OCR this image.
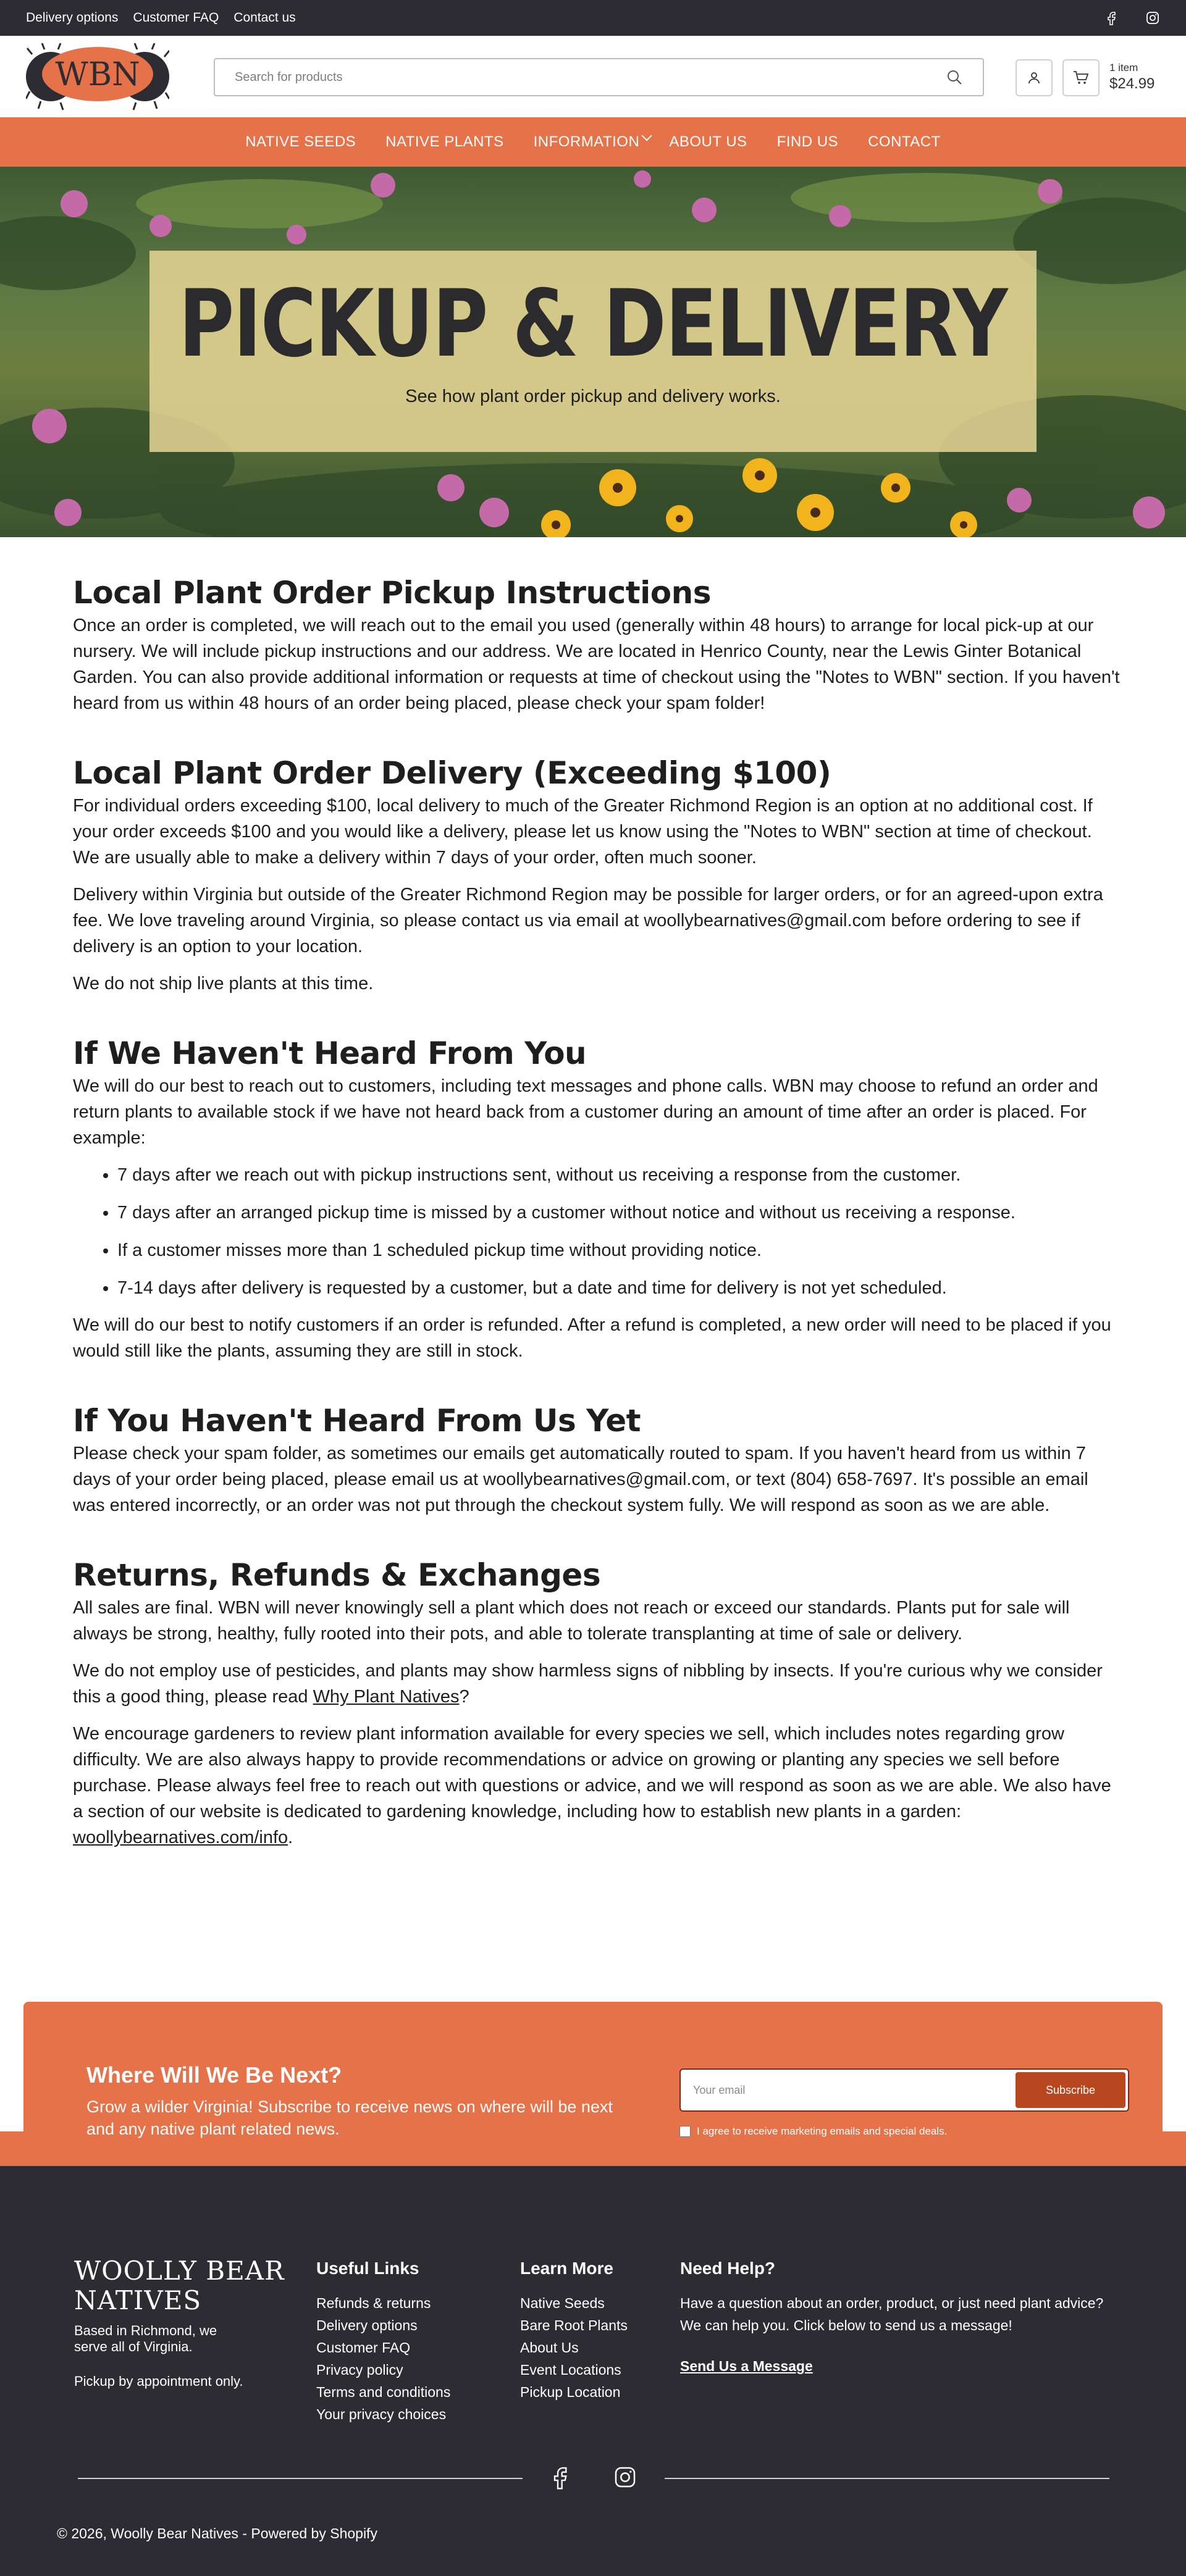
Delivery options Customer FAQ Contact us
WBN
Search for products	1 item
$24.99
NATIVE SEEDS	NATIVE PLANTS	INFORMATION	ABOUT US	FIND US	CONTACT
PICKUP & DELIVERY
See how plant order pickup and delivery works.
Local Plant Order Pickup Instructions

Once an order is completed, we will reach out to the email you used (generally within 48 hours) to arrange for local pick-up at our nursery. We will include pickup instructions and our address. We are located in Henrico County, near the Lewis Ginter Botanical Garden. You can also provide additional information or requests at time of checkout using the "Notes to WBN" section. If you haven't heard from us within 48 hours of an order being placed, please check your spam folder!

Local Plant Order Delivery (Exceeding $100)

For individual orders exceeding $100, local delivery to much of the Greater Richmond Region is an option at no additional cost. If your order exceeds $100 and you would like a delivery, please let us know using the "Notes to WBN" section at time of checkout. We are usually able to make a delivery within 7 days of your order, often much sooner.

Delivery within Virginia but outside of the Greater Richmond Region may be possible for larger orders, or for an agreed-upon extra fee. We love traveling around Virginia, so please contact us via email at woollybearnatives@gmail.com before ordering to see if delivery is an option to your location.

We do not ship live plants at this time.

If We Haven't Heard From You

We will do our best to reach out to customers, including text messages and phone calls. WBN may choose to refund an order and return plants to available stock if we have not heard back from a customer during an amount of time after an order is placed. For example:

• 7 days after we reach out with pickup instructions sent, without us receiving a response from the customer.
• 7 days after an arranged pickup time is missed by a customer without notice and without us receiving a response.
• If a customer misses more than 1 scheduled pickup time without providing notice.
• 7-14 days after delivery is requested by a customer, but a date and time for delivery is not yet scheduled.

We will do our best to notify customers if an order is refunded. After a refund is completed, a new order will need to be placed if you would still like the plants, assuming they are still in stock.

If You Haven't Heard From Us Yet

Please check your spam folder, as sometimes our emails get automatically routed to spam. If you haven't heard from us within 7 days of your order being placed, please email us at woollybearnatives@gmail.com, or text (804) 658-7697. It's possible an email was entered incorrectly, or an order was not put through the checkout system fully. We will respond as soon as we are able.

Returns, Refunds & Exchanges

All sales are final. WBN will never knowingly sell a plant which does not reach or exceed our standards. Plants put for sale will always be strong, healthy, fully rooted into their pots, and able to tolerate transplanting at time of sale or delivery.

We do not employ use of pesticides, and plants may show harmless signs of nibbling by insects. If you're curious why we consider this a good thing, please read Why Plant Natives?

We encourage gardeners to review plant information available for every species we sell, which includes notes regarding grow difficulty. We are also always happy to provide recommendations or advice on growing or planting any species we sell before purchase. Please always feel free to reach out with questions or advice, and we will respond as soon as we are able. We also have a section of our website is dedicated to gardening knowledge, including how to establish new plants in a garden: woollybearnatives.com/info.

Where Will We Be Next?
Grow a wilder Virginia! Subscribe to receive news on where will be next and any native plant related news.
Your email
Subscribe
I agree to receive marketing emails and special deals.
WOOLLY BEAR
NATIVES
Based in Richmond, we serve all of Virginia.
Pickup by appointment only.
Useful Links
Refunds & returns
Delivery options
Customer FAQ
Privacy policy
Terms and conditions
Your privacy choices
Learn More
Native Seeds
Bare Root Plants
About Us
Event Locations
Pickup Location
Need Help?

Have a question about an order, product, or just need plant advice? We can help you. Click below to send us a message!

Send Us a Message
© 2026, Woolly Bear Natives - Powered by Shopify
